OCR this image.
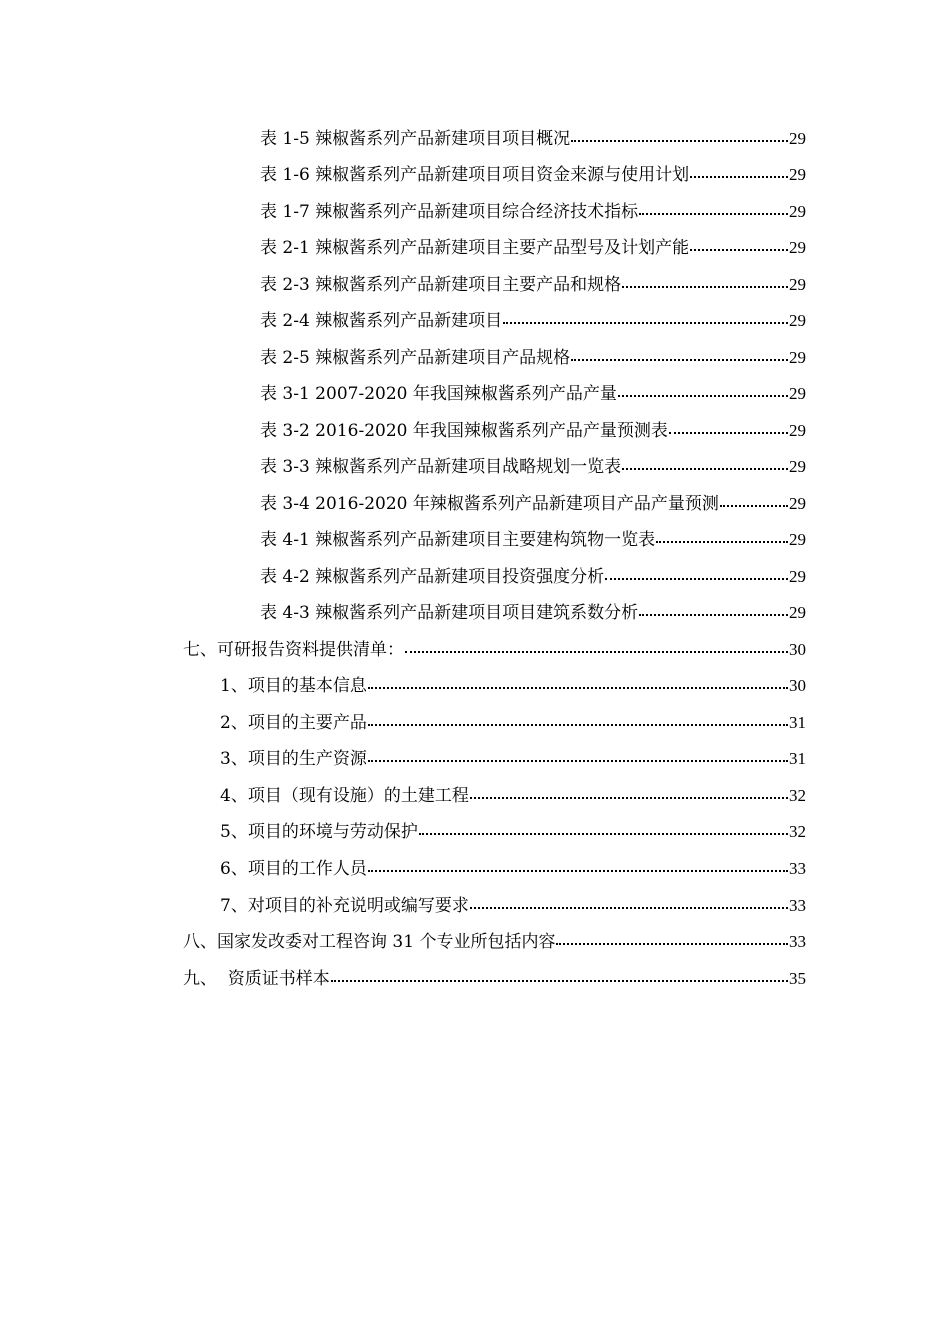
表 1-5 辣椒酱系列产品新建项目项目概况	29
表 1-6 辣椒酱系列产品新建项目项目资金来源与使用计划	29
表 1-7 辣椒酱系列产品新建项目综合经济技术指标	29
表 2-1 辣椒酱系列产品新建项目主要产品型号及计划产能	29
表 2-3 辣椒酱系列产品新建项目主要产品和规格	29
表 2-4 辣椒酱系列产品新建项目	29
表 2-5 辣椒酱系列产品新建项目产品规格	29
表 3-1 2007-2020 年我国辣椒酱系列产品产量	29
表 3-2 2016-2020 年我国辣椒酱系列产品产量预测表	29
表 3-3 辣椒酱系列产品新建项目战略规划一览表	29
表 3-4 2016-2020 年辣椒酱系列产品新建项目产品产量预测	29
表 4-1 辣椒酱系列产品新建项目主要建构筑物一览表	29
表 4-2 辣椒酱系列产品新建项目投资强度分析	29
表 4-3 辣椒酱系列产品新建项目项目建筑系数分析	29
七、可研报告资料提供清单：	30
1、项目的基本信息	30
2、项目的主要产品	31
3、项目的生产资源	31
4、项目（现有设施）的土建工程	32
5、项目的环境与劳动保护	32
6、项目的工作人员	33
7、对项目的补充说明或编写要求	33
八、国家发改委对工程咨询 31 个专业所包括内容	33
九、  资质证书样本	35
